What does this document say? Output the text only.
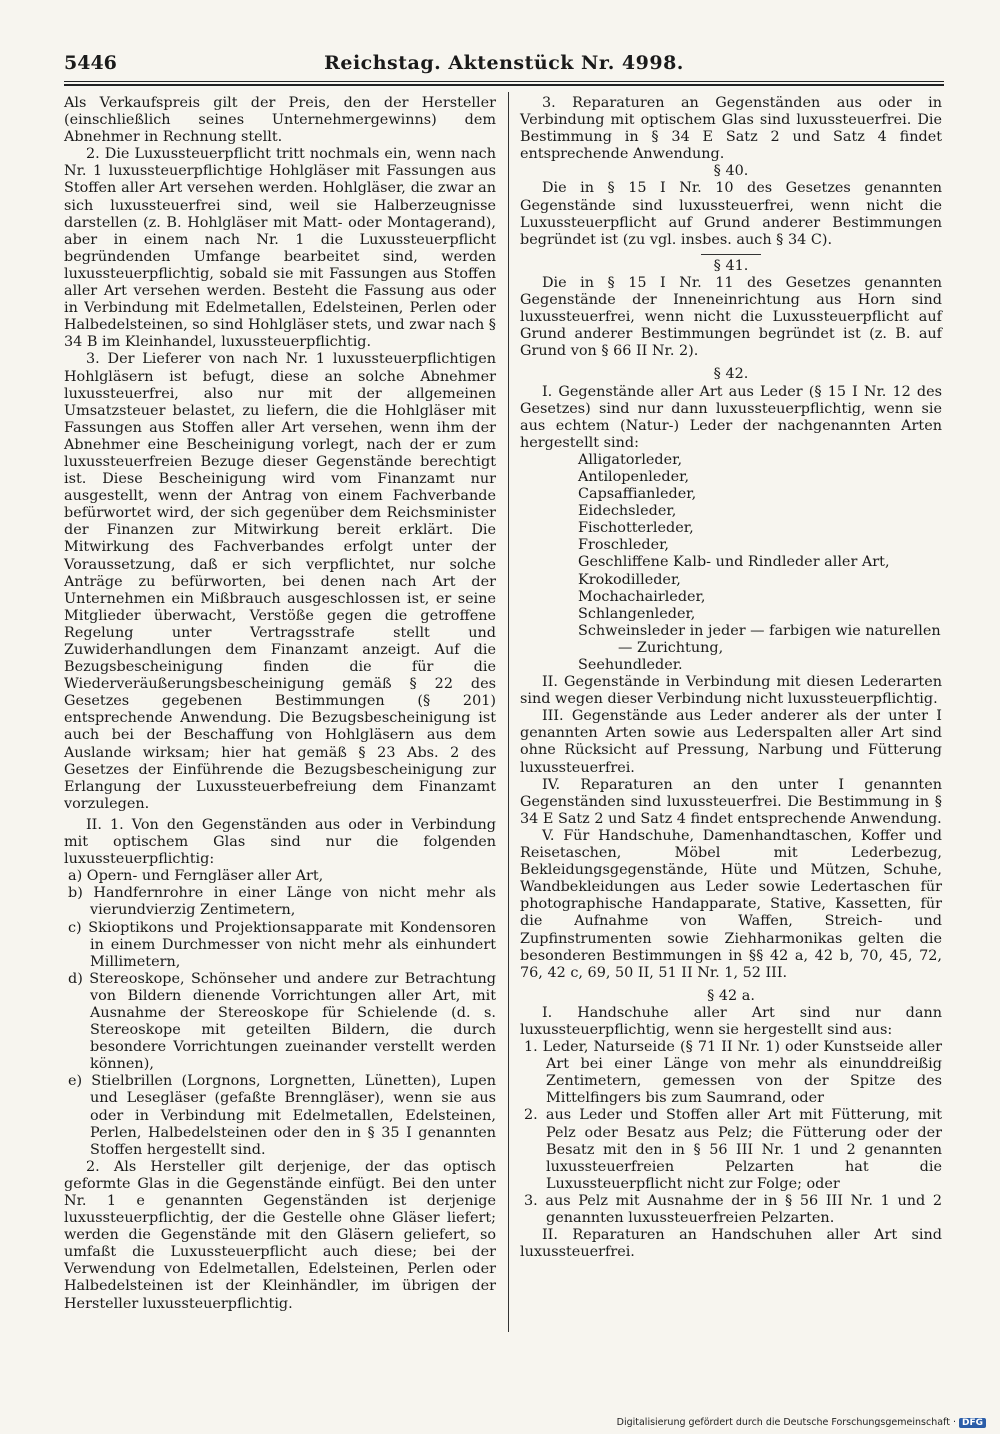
5446	Reichstag. Aktenstück Nr. 4998.

Als Verkaufspreis gilt der Preis, den der Hersteller (einschließlich seines Unternehmergewinns) dem Abnehmer in Rechnung stellt.

2. Die Luxussteuerpflicht tritt nochmals ein, wenn nach Nr. 1 luxussteuerpflichtige Hohlgläser mit Fassungen aus Stoffen aller Art versehen werden. Hohlgläser, die zwar an sich luxussteuerfrei sind, weil sie Halberzeugnisse darstellen (z. B. Hohlgläser mit Matt- oder Montagerand), aber in einem nach Nr. 1 die Luxussteuerpflicht begründenden Umfange bearbeitet sind, werden luxussteuerpflichtig, sobald sie mit Fassungen aus Stoffen aller Art versehen werden. Besteht die Fassung aus oder in Verbindung mit Edelmetallen, Edelsteinen, Perlen oder Halbedelsteinen, so sind Hohlgläser stets, und zwar nach § 34 B im Kleinhandel, luxussteuerpflichtig.

3. Der Lieferer von nach Nr. 1 luxussteuerpflichtigen Hohlgläsern ist befugt, diese an solche Abnehmer luxussteuerfrei, also nur mit der allgemeinen Umsatzsteuer belastet, zu liefern, die die Hohlgläser mit Fassungen aus Stoffen aller Art versehen, wenn ihm der Abnehmer eine Bescheinigung vorlegt, nach der er zum luxussteuerfreien Bezuge dieser Gegenstände berechtigt ist. Diese Bescheinigung wird vom Finanzamt nur ausgestellt, wenn der Antrag von einem Fachverbande befürwortet wird, der sich gegenüber dem Reichsminister der Finanzen zur Mitwirkung bereit erklärt. Die Mitwirkung des Fachverbandes erfolgt unter der Voraussetzung, daß er sich verpflichtet, nur solche Anträge zu befürworten, bei denen nach Art der Unternehmen ein Mißbrauch ausgeschlossen ist, er seine Mitglieder überwacht, Verstöße gegen die getroffene Regelung unter Vertragsstrafe stellt und Zuwiderhandlungen dem Finanzamt anzeigt. Auf die Bezugsbescheinigung finden die für die Wiederveräußerungsbescheinigung gemäß § 22 des Gesetzes gegebenen Bestimmungen (§ 201) entsprechende Anwendung. Die Bezugsbescheinigung ist auch bei der Beschaffung von Hohlgläsern aus dem Auslande wirksam; hier hat gemäß § 23 Abs. 2 des Gesetzes der Einführende die Bezugsbescheinigung zur Erlangung der Luxussteuerbefreiung dem Finanzamt vorzulegen.

II. 1. Von den Gegenständen aus oder in Verbindung mit optischem Glas sind nur die folgenden luxussteuerpflichtig:

a) Opern- und Ferngläser aller Art,

b) Handfernrohre in einer Länge von nicht mehr als vierundvierzig Zentimetern,

c) Skioptikons und Projektionsapparate mit Kondensoren in einem Durchmesser von nicht mehr als einhundert Millimetern,

d) Stereoskope, Schönseher und andere zur Betrachtung von Bildern dienende Vorrichtungen aller Art, mit Ausnahme der Stereoskope für Schielende (d. s. Stereoskope mit geteilten Bildern, die durch besondere Vorrichtungen zueinander verstellt werden können),

e) Stielbrillen (Lorgnons, Lorgnetten, Lünetten), Lupen und Lesegläser (gefaßte Brenngläser), wenn sie aus oder in Verbindung mit Edelmetallen, Edelsteinen, Perlen, Halbedelsteinen oder den in § 35 I genannten Stoffen hergestellt sind.

2. Als Hersteller gilt derjenige, der das optisch geformte Glas in die Gegenstände einfügt. Bei den unter Nr. 1 e genannten Gegenständen ist derjenige luxussteuerpflichtig, der die Gestelle ohne Gläser liefert; werden die Gegenstände mit den Gläsern geliefert, so umfaßt die Luxussteuerpflicht auch diese; bei der Verwendung von Edelmetallen, Edelsteinen, Perlen oder Halbedelsteinen ist der Kleinhändler, im übrigen der Hersteller luxussteuerpflichtig.

3. Reparaturen an Gegenständen aus oder in Verbindung mit optischem Glas sind luxussteuerfrei. Die Bestimmung in § 34 E Satz 2 und Satz 4 findet entsprechende Anwendung.

§ 40.

Die in § 15 I Nr. 10 des Gesetzes genannten Gegenstände sind luxussteuerfrei, wenn nicht die Luxussteuerpflicht auf Grund anderer Bestimmungen begründet ist (zu vgl. insbes. auch § 34 C).

§ 41.

Die in § 15 I Nr. 11 des Gesetzes genannten Gegenstände der Inneneinrichtung aus Horn sind luxussteuerfrei, wenn nicht die Luxussteuerpflicht auf Grund anderer Bestimmungen begründet ist (z. B. auf Grund von § 66 II Nr. 2).

§ 42.

I. Gegenstände aller Art aus Leder (§ 15 I Nr. 12 des Gesetzes) sind nur dann luxussteuerpflichtig, wenn sie aus echtem (Natur-) Leder der nachgenannten Arten hergestellt sind:

Alligatorleder,
Antilopenleder,
Capsaffianleder,
Eidechsleder,
Fischotterleder,
Froschleder,
Geschliffene Kalb- und Rindleder aller Art,
Krokodilleder,
Mochachairleder,
Schlangenleder,
Schweinsleder in jeder — farbigen wie naturellen
— Zurichtung,
Seehundleder.

II. Gegenstände in Verbindung mit diesen Lederarten sind wegen dieser Verbindung nicht luxussteuerpflichtig.

III. Gegenstände aus Leder anderer als der unter I genannten Arten sowie aus Lederspalten aller Art sind ohne Rücksicht auf Pressung, Narbung und Fütterung luxussteuerfrei.

IV. Reparaturen an den unter I genannten Gegenständen sind luxussteuerfrei. Die Bestimmung in § 34 E Satz 2 und Satz 4 findet entsprechende Anwendung.

V. Für Handschuhe, Damenhandtaschen, Koffer und Reisetaschen, Möbel mit Lederbezug, Bekleidungsgegenstände, Hüte und Mützen, Schuhe, Wandbekleidungen aus Leder sowie Ledertaschen für photographische Handapparate, Stative, Kassetten, für die Aufnahme von Waffen, Streich- und Zupfinstrumenten sowie Ziehharmonikas gelten die besonderen Bestimmungen in §§ 42 a, 42 b, 70, 45, 72, 76, 42 c, 69, 50 II, 51 II Nr. 1, 52 III.

§ 42 a.

I. Handschuhe aller Art sind nur dann luxussteuerpflichtig, wenn sie hergestellt sind aus:

1. Leder, Naturseide (§ 71 II Nr. 1) oder Kunstseide aller Art bei einer Länge von mehr als einunddreißig Zentimetern, gemessen von der Spitze des Mittelfingers bis zum Saumrand, oder

2. aus Leder und Stoffen aller Art mit Fütterung, mit Pelz oder Besatz aus Pelz; die Fütterung oder der Besatz mit den in § 56 III Nr. 1 und 2 genannten luxussteuerfreien Pelzarten hat die Luxussteuerpflicht nicht zur Folge; oder

3. aus Pelz mit Ausnahme der in § 56 III Nr. 1 und 2 genannten luxussteuerfreien Pelzarten.

II. Reparaturen an Handschuhen aller Art sind luxussteuerfrei.

Digitalisierung gefördert durch die Deutsche Forschungsgemeinschaft · DFG
